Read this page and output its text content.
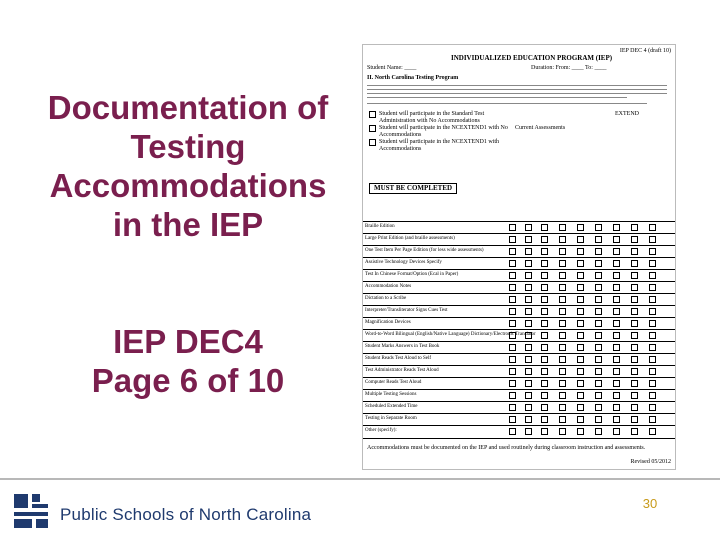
Documentation of
Testing
Accommodations
in the IEP
IEP DEC4
Page 6 of 10
IEP DEC 4 (draft 10)
INDIVIDUALIZED EDUCATION PROGRAM (IEP)
Student Name: ____	Duration: From: ____ To: ____
II. North Carolina Testing Program
Student will participate in the Standard Test Administration with No Accommodations
Student will participate in the NCEXTEND1 with No Accommodations
Student will participate in the NCEXTEND1 with Accommodations
Current Assessments
EXTEND
MUST BE COMPLETED
Braille Edition
Large Print Edition (and braille assessments)
One Test Item Per Page Edition (for less wide assessments)
Assistive Technology Devices Specify
Test In Chinese Format/Option (Ecal in Paper)
Accommodation Notes
Dictation to a Scribe
Interpreter/Transliterator Signs Cues Test
Magnification Devices
Word-to-Word Bilingual (English/Native Language) Dictionary/Electronic Translator
Student Marks Answers in Test Book
Student Reads Test Aloud to Self
Test Administrator Reads Test Aloud
Computer Reads Test Aloud
Multiple Testing Sessions
Scheduled Extended Time
Testing in Separate Room
Other (specify):
Accommodations must be documented on the IEP and used routinely during classroom instruction and assessments.
Revised 05/2012
Public Schools of North Carolina
30
